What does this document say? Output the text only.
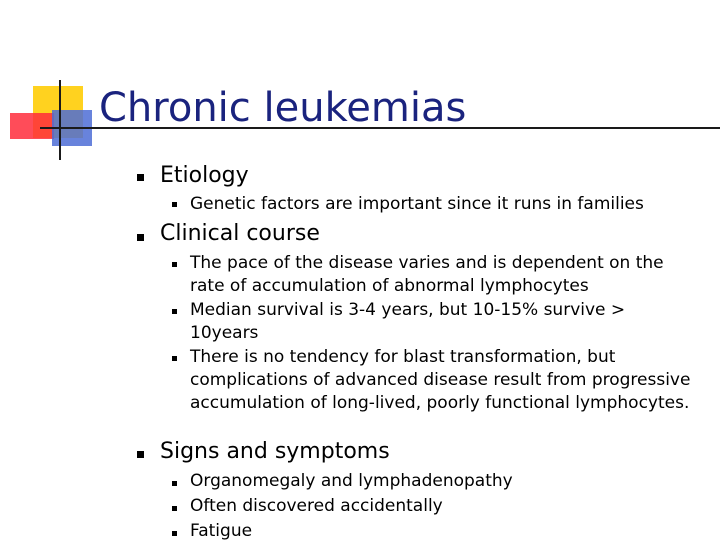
Chronic leukemias
Etiology
Genetic factors are important since it runs in families
Clinical course
The pace of the disease varies and is dependent on the rate of accumulation of abnormal lymphocytes
Median survival is 3-4 years, but 10-15% survive > 10years
There is no tendency for blast transformation, but complications of advanced disease result from progressive accumulation of long-lived, poorly functional lymphocytes.
Signs and symptoms
Organomegaly and lymphadenopathy
Often discovered accidentally
Fatigue
